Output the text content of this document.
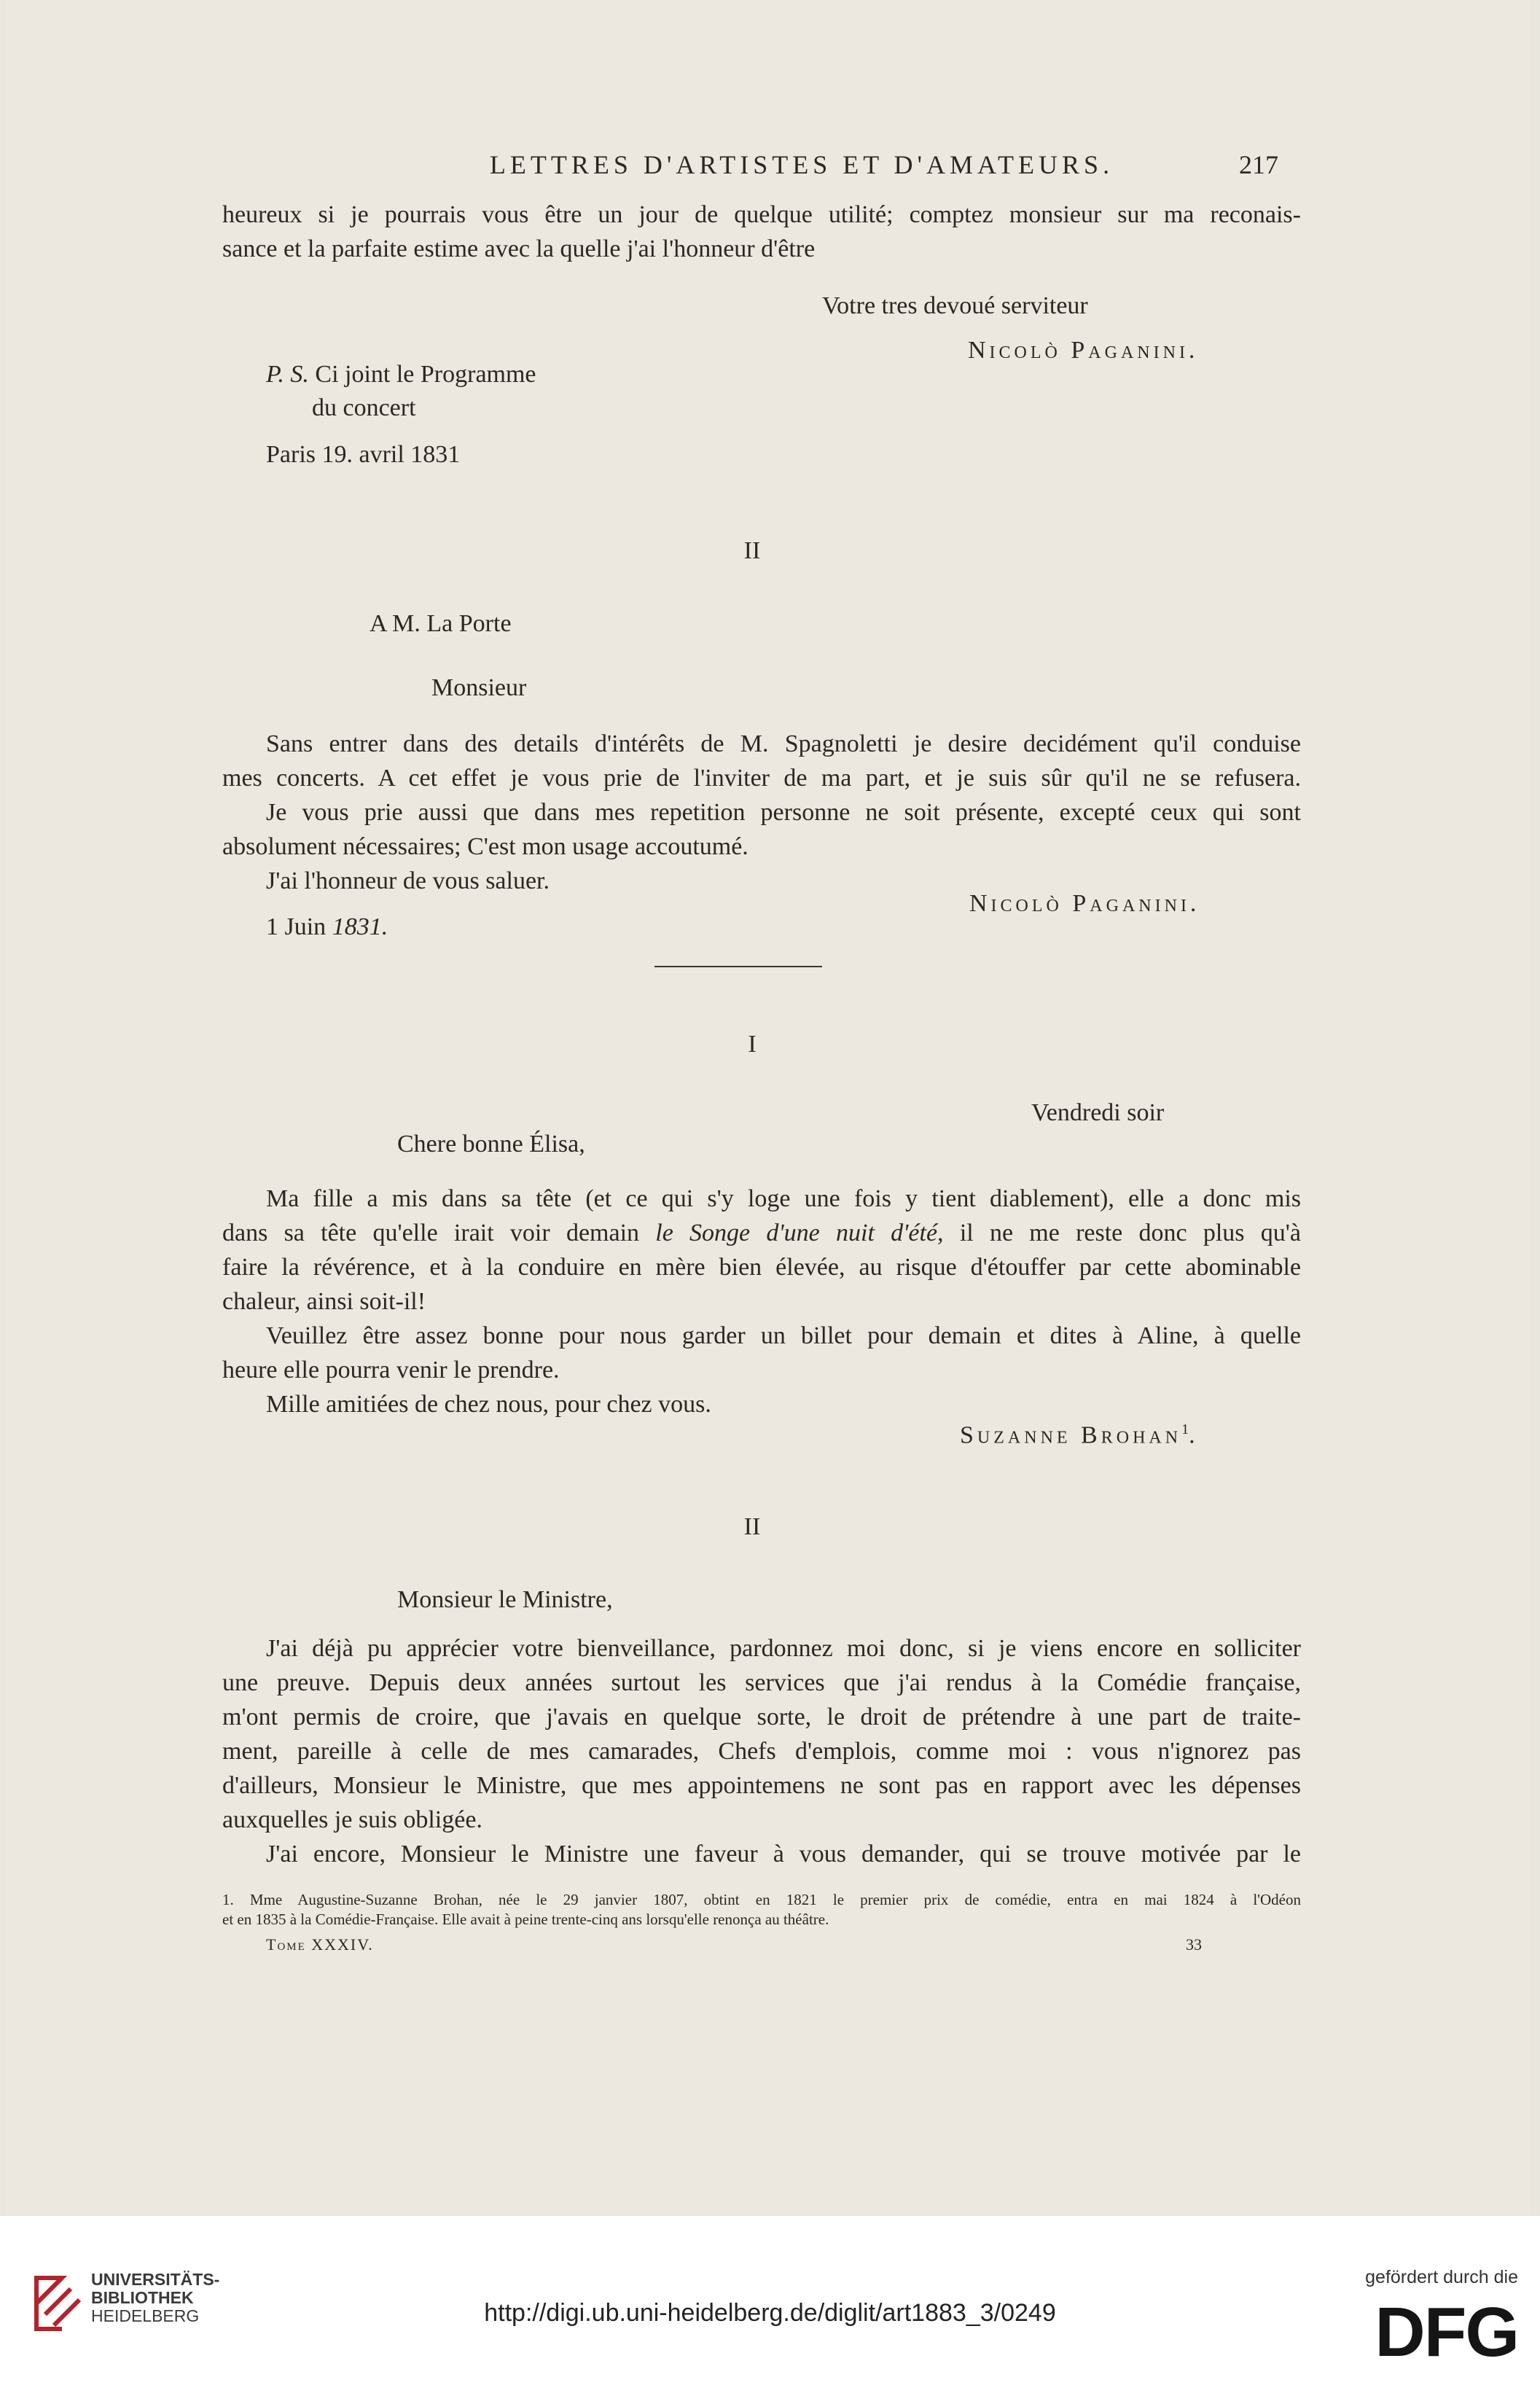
LETTRES D'ARTISTES ET D'AMATEURS.	217
heureux si je pourrais vous être un jour de quelque utilité; comptez monsieur sur ma reconais-
sance et la parfaite estime avec la quelle j'ai l'honneur d'être
Votre tres devoué serviteur
Nicolò Paganini.
P. S. Ci joint le Programme
du concert
Paris 19. avril 1831
II
A M. La Porte
Monsieur
Sans entrer dans des details d'intérêts de M. Spagnoletti je desire decidément qu'il conduise
mes concerts. A cet effet je vous prie de l'inviter de ma part, et je suis sûr qu'il ne se refusera.
Je vous prie aussi que dans mes repetition personne ne soit présente, excepté ceux qui sont
absolument nécessaires; C'est mon usage accoutumé.
J'ai l'honneur de vous saluer.
Nicolò Paganini.
1 Juin 1831.
I
Vendredi soir
Chere bonne Élisa,
Ma fille a mis dans sa tête (et ce qui s'y loge une fois y tient diablement), elle a donc mis
dans sa tête qu'elle irait voir demain le Songe d'une nuit d'été, il ne me reste donc plus qu'à
faire la révérence, et à la conduire en mère bien élevée, au risque d'étouffer par cette abominable
chaleur, ainsi soit-il!
Veuillez être assez bonne pour nous garder un billet pour demain et dites à Aline, à quelle
heure elle pourra venir le prendre.
Mille amitiées de chez nous, pour chez vous.
Suzanne Brohan$^1$.
II
Monsieur le Ministre,
J'ai déjà pu apprécier votre bienveillance, pardonnez moi donc, si je viens encore en solliciter
une preuve. Depuis deux années surtout les services que j'ai rendus à la Comédie française,
m'ont permis de croire, que j'avais en quelque sorte, le droit de prétendre à une part de traite-
ment, pareille à celle de mes camarades, Chefs d'emplois, comme moi : vous n'ignorez pas
d'ailleurs, Monsieur le Ministre, que mes appointemens ne sont pas en rapport avec les dépenses
auxquelles je suis obligée.
J'ai encore, Monsieur le Ministre une faveur à vous demander, qui se trouve motivée par le
1. Mme Augustine-Suzanne Brohan, née le 29 janvier 1807, obtint en 1821 le premier prix de comédie, entra en mai 1824 à l'Odéon
et en 1835 à la Comédie-Française. Elle avait à peine trente-cinq ans lorsqu'elle renonça au théâtre.
Tome XXXIV.	33
UNIVERSITÄTS-
BIBLIOTHEK
HEIDELBERG	http://digi.ub.uni-heidelberg.de/diglit/art1883_3/0249
gefördert durch die
DFG
